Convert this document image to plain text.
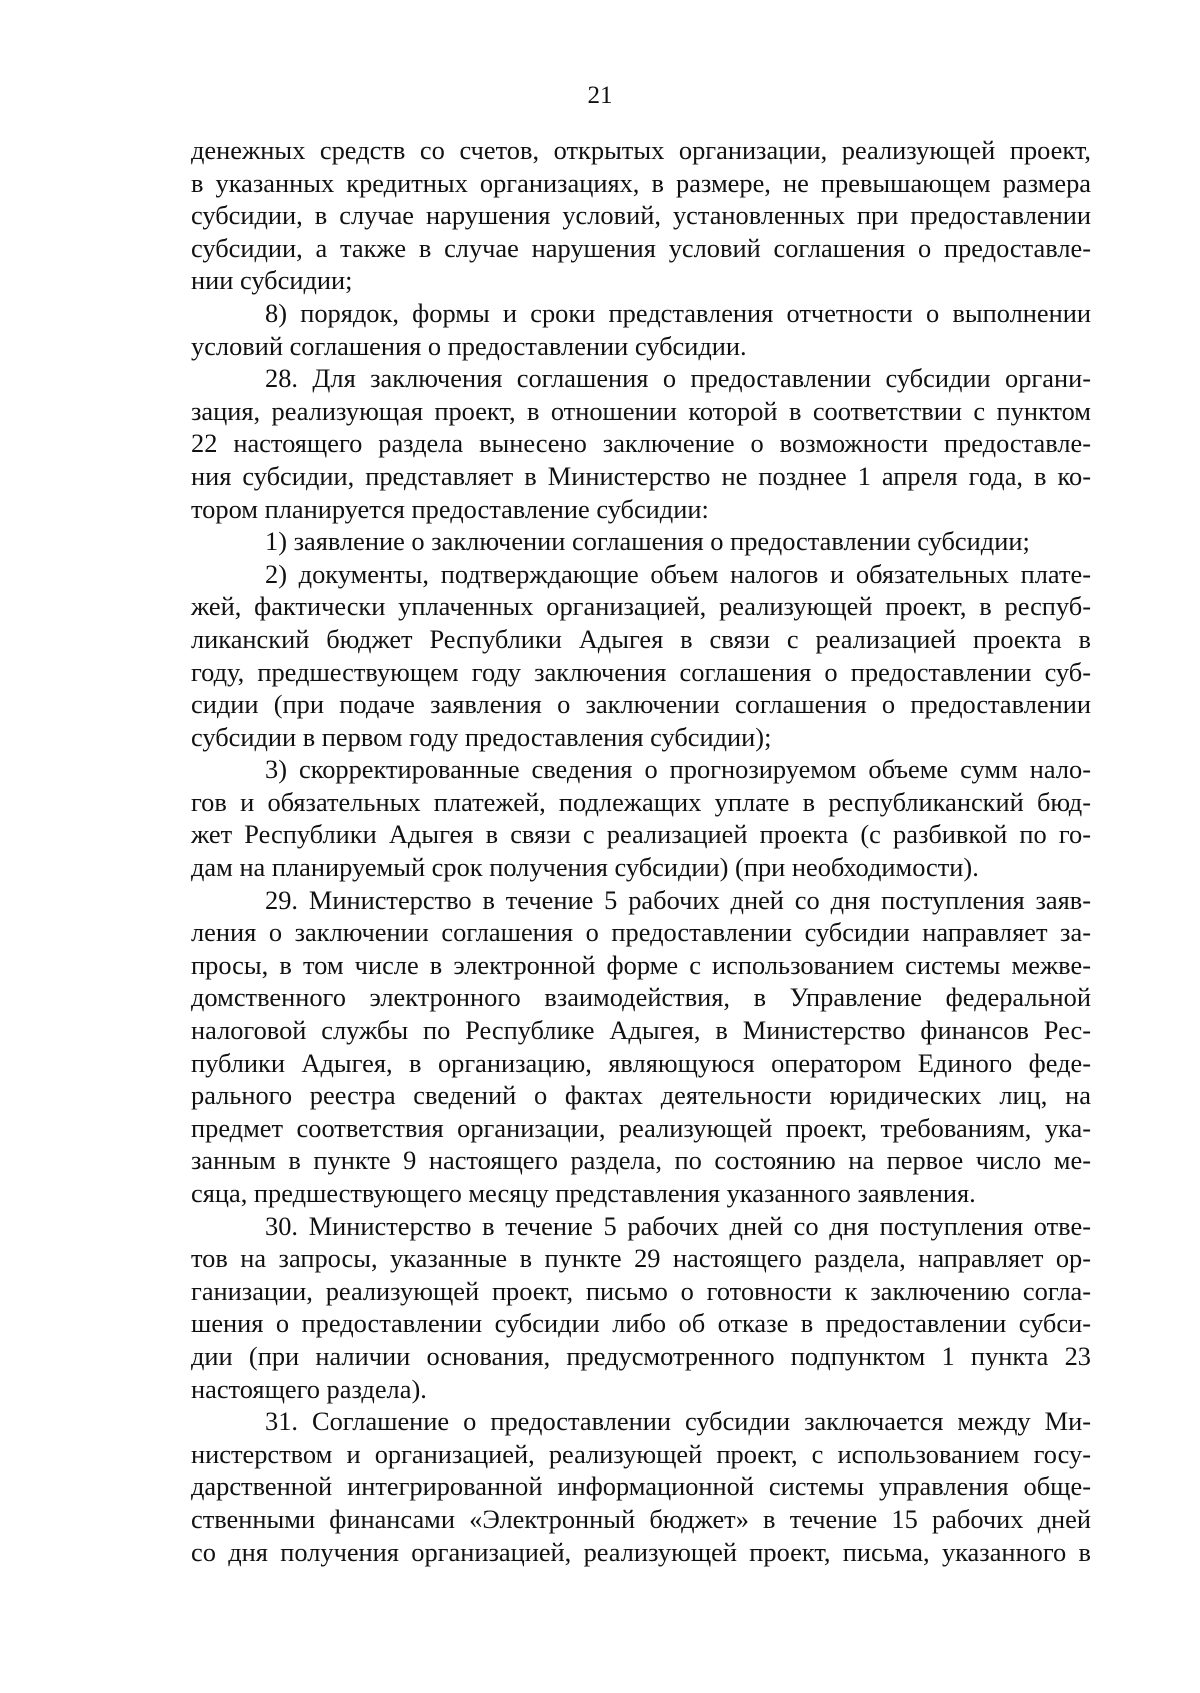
21
денежных средств со счетов, открытых организации, реализующей проект,
в указанных кредитных организациях, в размере, не превышающем размера
субсидии, в случае нарушения условий, установленных при предоставлении
субсидии, а также в случае нарушения условий соглашения о предоставле-
нии субсидии;
8) порядок, формы и сроки представления отчетности о выполнении
условий соглашения о предоставлении субсидии.
28. Для заключения соглашения о предоставлении субсидии органи-
зация, реализующая проект, в отношении которой в соответствии с пунктом
22 настоящего раздела вынесено заключение о возможности предоставле-
ния субсидии, представляет в Министерство не позднее 1 апреля года, в ко-
тором планируется предоставление субсидии:
1) заявление о заключении соглашения о предоставлении субсидии;
2) документы, подтверждающие объем налогов и обязательных плате-
жей, фактически уплаченных организацией, реализующей проект, в респуб-
ликанский бюджет Республики Адыгея в связи с реализацией проекта в
году, предшествующем году заключения соглашения о предоставлении суб-
сидии (при подаче заявления о заключении соглашения о предоставлении
субсидии в первом году предоставления субсидии);
3) скорректированные сведения о прогнозируемом объеме сумм нало-
гов и обязательных платежей, подлежащих уплате в республиканский бюд-
жет Республики Адыгея в связи с реализацией проекта (с разбивкой по го-
дам на планируемый срок получения субсидии) (при необходимости).
29. Министерство в течение 5 рабочих дней со дня поступления заяв-
ления о заключении соглашения о предоставлении субсидии направляет за-
просы, в том числе в электронной форме с использованием системы межве-
домственного электронного взаимодействия, в Управление федеральной
налоговой службы по Республике Адыгея, в Министерство финансов Рес-
публики Адыгея, в организацию, являющуюся оператором Единого феде-
рального реестра сведений о фактах деятельности юридических лиц, на
предмет соответствия организации, реализующей проект, требованиям, ука-
занным в пункте 9 настоящего раздела, по состоянию на первое число ме-
сяца, предшествующего месяцу представления указанного заявления.
30. Министерство в течение 5 рабочих дней со дня поступления отве-
тов на запросы, указанные в пункте 29 настоящего раздела, направляет ор-
ганизации, реализующей проект, письмо о готовности к заключению согла-
шения о предоставлении субсидии либо об отказе в предоставлении субси-
дии (при наличии основания, предусмотренного подпунктом 1 пункта 23
настоящего раздела).
31. Соглашение о предоставлении субсидии заключается между Ми-
нистерством и организацией, реализующей проект, с использованием госу-
дарственной интегрированной информационной системы управления обще-
ственными финансами «Электронный бюджет» в течение 15 рабочих дней
со дня получения организацией, реализующей проект, письма, указанного в
